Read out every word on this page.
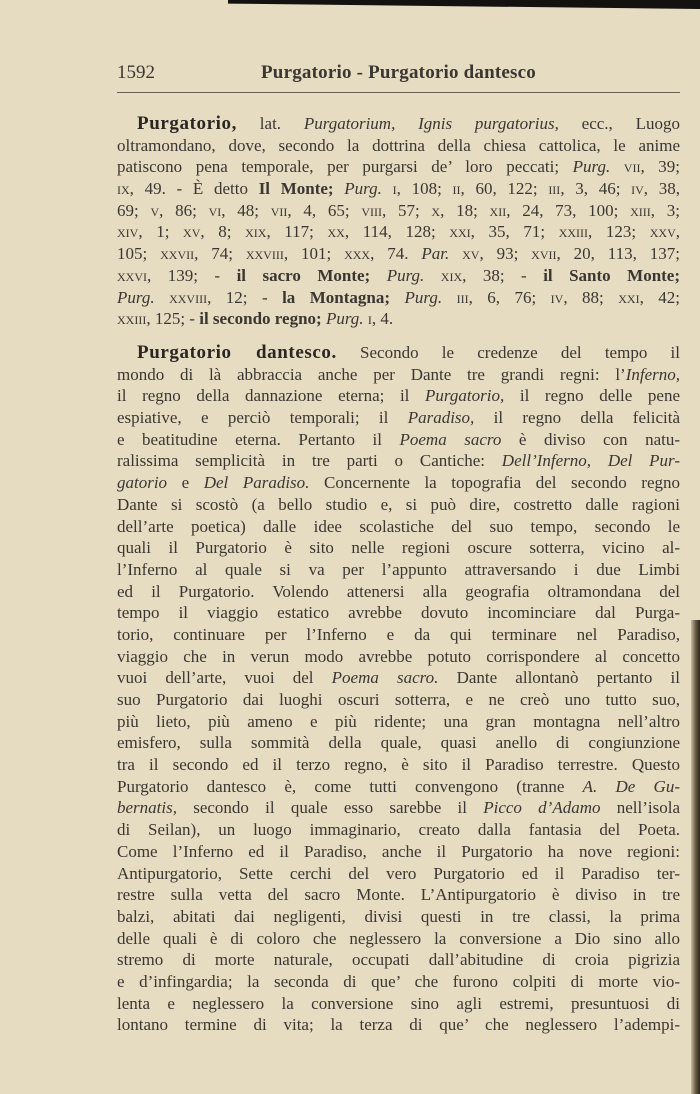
1592	Purgatorio - Purgatorio dantesco
Purgatorio, lat. Purgatorium, Ignis purgatorius, ecc., Luogo
oltramondano, dove, secondo la dottrina della chiesa cattolica, le anime
patiscono pena temporale, per purgarsi de’ loro peccati; Purg. vii, 39;
ix, 49. - È detto Il Monte; Purg. i, 108; ii, 60, 122; iii, 3, 46; iv, 38,
69; v, 86; vi, 48; vii, 4, 65; viii, 57; x, 18; xii, 24, 73, 100; xiii, 3;
xiv, 1; xv, 8; xix, 117; xx, 114, 128; xxi, 35, 71; xxiii, 123; xxv,
105; xxvii, 74; xxviii, 101; xxx, 74. Par. xv, 93; xvii, 20, 113, 137;
xxvi, 139; - il sacro Monte; Purg. xix, 38; - il Santo Monte;
Purg. xxviii, 12; - la Montagna; Purg. iii, 6, 76; iv, 88; xxi, 42;
xxiii, 125; - il secondo regno; Purg. i, 4.
Purgatorio dantesco. Secondo le credenze del tempo il
mondo di là abbraccia anche per Dante tre grandi regni: l’Inferno,
il regno della dannazione eterna; il Purgatorio, il regno delle pene
espiative, e perciò temporali; il Paradiso, il regno della felicità
e beatitudine eterna. Pertanto il Poema sacro è diviso con natu-
ralissima semplicità in tre parti o Cantiche: Dell’Inferno, Del Pur-
gatorio e Del Paradiso. Concernente la topografia del secondo regno
Dante si scostò (a bello studio e, si può dire, costretto dalle ragioni
dell’arte poetica) dalle idee scolastiche del suo tempo, secondo le
quali il Purgatorio è sito nelle regioni oscure sotterra, vicino al-
l’Inferno al quale si va per l’appunto attraversando i due Limbi
ed il Purgatorio. Volendo attenersi alla geografia oltramondana del
tempo il viaggio estatico avrebbe dovuto incominciare dal Purga-
torio, continuare per l’Inferno e da qui terminare nel Paradiso,
viaggio che in verun modo avrebbe potuto corrispondere al concetto
vuoi dell’arte, vuoi del Poema sacro. Dante allontanò pertanto il
suo Purgatorio dai luoghi oscuri sotterra, e ne creò uno tutto suo,
più lieto, più ameno e più ridente; una gran montagna nell’altro
emisfero, sulla sommità della quale, quasi anello di congiunzione
tra il secondo ed il terzo regno, è sito il Paradiso terrestre. Questo
Purgatorio dantesco è, come tutti convengono (tranne A. De Gu-
bernatis, secondo il quale esso sarebbe il Picco d’Adamo nell’isola
di Seilan), un luogo immaginario, creato dalla fantasia del Poeta.
Come l’Inferno ed il Paradiso, anche il Purgatorio ha nove regioni:
Antipurgatorio, Sette cerchi del vero Purgatorio ed il Paradiso ter-
restre sulla vetta del sacro Monte. L’Antipurgatorio è diviso in tre
balzi, abitati dai negligenti, divisi questi in tre classi, la prima
delle quali è di coloro che neglessero la conversione a Dio sino allo
stremo di morte naturale, occupati dall’abitudine di croia pigrizia
e d’infingardia; la seconda di que’ che furono colpiti di morte vio-
lenta e neglessero la conversione sino agli estremi, presuntuosi di
lontano termine di vita; la terza di que’ che neglessero l’adempi-
